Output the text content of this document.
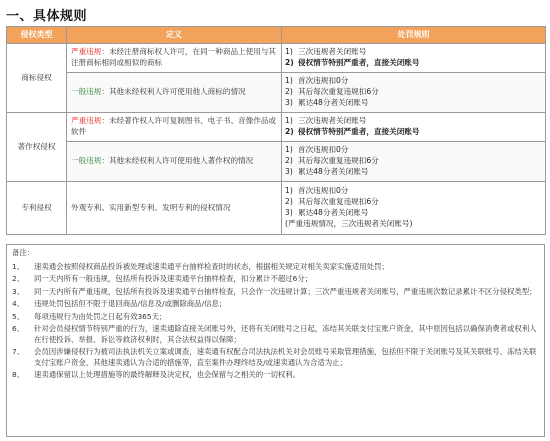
一、具体规则
侵权类型	定义	处罚规则
商标侵权	严重违规：未经注册商标权人许可，在同一种商品上使用与其注册商标相同或相似的商标	1) 三次违规者关闭账号
2) 侵权情节特别严重者，直接关闭账号

	一般违规：其他未经权利人许可使用他人商标的情况	1) 首次违规扣0分
2) 其后每次重复违规扣6分
3) 累达48分者关闭账号

著作权侵权	严重违规：未经著作权人许可复制图书、电子书、音像作品或软件	1) 三次违规者关闭账号
2) 侵权情节特别严重者，直接关闭账号

	一般违规：其他未经权利人许可使用他人著作权的情况	1) 首次违规扣0分
2) 其后每次重复违规扣6分
3) 累达48分者关闭账号

专利侵权	外观专利、实用新型专利、发明专利的侵权情况	1) 首次违规扣0分
2) 其后每次重复违规扣6分
3) 累达48分者关闭账号
(严重违规情况，三次违规者关闭账号)
备注：
1、	速卖通会按照侵权商品投诉被处理或速卖通平台抽样检查时的状态，根据相关规定对相关卖家实施适用处罚；
2、	同一天内所有一般违规，包括所有投诉及速卖通平台抽样检查，扣分累计不超过6分；
3、	同一天内所有严重违规，包括所有投诉及速卖通平台抽样检查，只会作一次违规计算；三次严重违规者关闭账号，严重违规次数记录累计不区分侵权类型；
4、	违规处罚包括但不限于退回商品/信息及/或删除商品/信息；
5、	每项违规行为由处罚之日起有效365天；
6、	针对会员侵权情节特别严重的行为，速卖通除直接关闭账号外，还将有关闭账号之日起，冻结其关联支付宝账户资金，其中原因包括以确保消费者或权利人在行使投诉、举报、诉讼等救济权利时，其合法权益得以保障；
7、	会员因涉嫌侵权行为被司法执法机关立案或调查，速卖通有权配合司法执法机关对会员账号采取管理措施，包括但不限于关闭账号及其关联账号、冻结关联支付宝账户资金，其他速卖通认为合适的措施等，直至案件办理终结及/或速卖通认为合适为止；
8、	速卖通保留以上处理措施等的最终解释及决定权，也会保留与之相关的一切权利。
